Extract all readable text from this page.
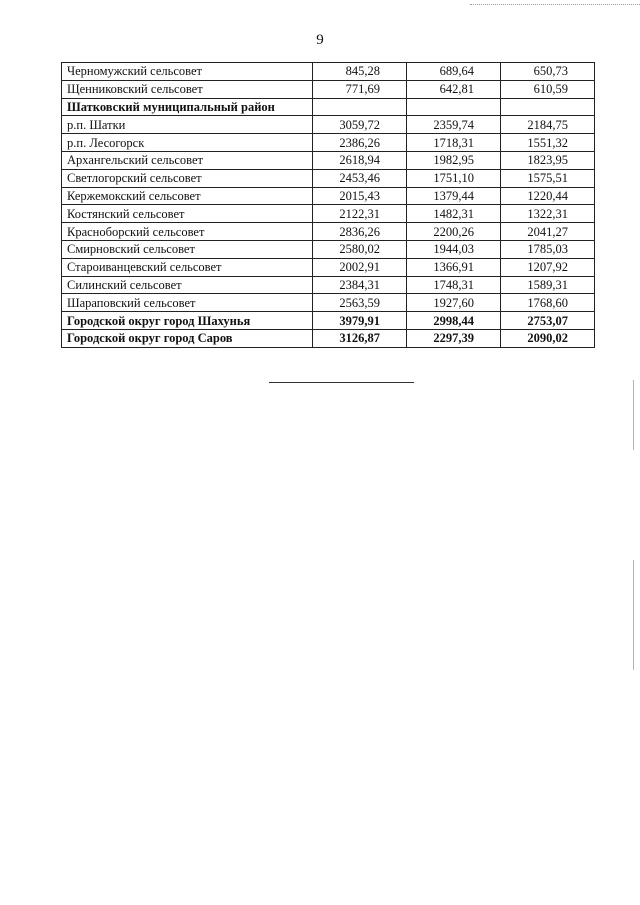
9
Черномужский сельсовет	845,28	689,64	650,73
Щенниковский сельсовет	771,69	642,81	610,59
Шатковский муниципальный район			
р.п. Шатки	3059,72	2359,74	2184,75
р.п. Лесогорск	2386,26	1718,31	1551,32
Архангельский сельсовет	2618,94	1982,95	1823,95
Светлогорский сельсовет	2453,46	1751,10	1575,51
Кержемокский сельсовет	2015,43	1379,44	1220,44
Костянский сельсовет	2122,31	1482,31	1322,31
Красноборский сельсовет	2836,26	2200,26	2041,27
Смирновский сельсовет	2580,02	1944,03	1785,03
Староиванцевский сельсовет	2002,91	1366,91	1207,92
Силинский сельсовет	2384,31	1748,31	1589,31
Шараповский сельсовет	2563,59	1927,60	1768,60
Городской округ город Шахунья	3979,91	2998,44	2753,07
Городской округ город Саров	3126,87	2297,39	2090,02
